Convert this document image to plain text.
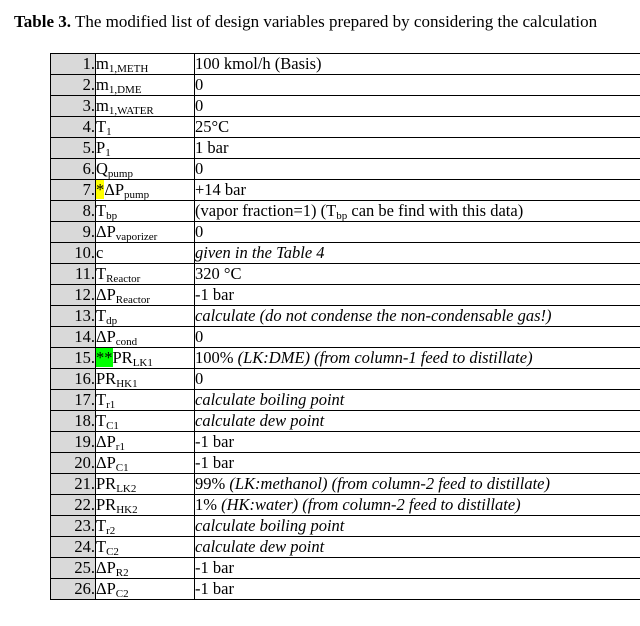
Table 3. The modified list of design variables prepared by considering the calculation
1.	$m_{1,METH}$	100 kmol/h (Basis)
2.	$m_{1,DME}$	0
3.	$m_{1,WATER}$	0
4.	$T_1$	25°C
5.	$P_1$	1 bar
6.	$Q_{pump}$	0
7.	$*\Delta P_{pump}$	+14 bar
8.	$T_{bp}$	(vapor fraction=1) ($T_{bp}$ can be find with this data)
9.	$\Delta P_{vaporizer}$	0
10.	c	given in the Table 4
11.	$T_{Reactor}$	320 °C
12.	$\Delta P_{Reactor}$	-1 bar
13.	$T_{dp}$	calculate (do not condense the non-condensable gas!)
14.	$\Delta P_{cond}$	0
15.	$**PR_{LK1}$	100% (LK:DME) (from column-1 feed to distillate)
16.	$PR_{HK1}$	0
17.	$T_{r1}$	calculate boiling point
18.	$T_{C1}$	calculate dew point
19.	$\Delta P_{r1}$	-1 bar
20.	$\Delta P_{C1}$	-1 bar
21.	$PR_{LK2}$	99% (LK:methanol) (from column-2 feed to distillate)
22.	$PR_{HK2}$	1% (HK:water) (from column-2 feed to distillate)
23.	$T_{r2}$	calculate boiling point
24.	$T_{C2}$	calculate dew point
25.	$\Delta P_{R2}$	-1 bar
26.	$\Delta P_{C2}$	-1 bar
